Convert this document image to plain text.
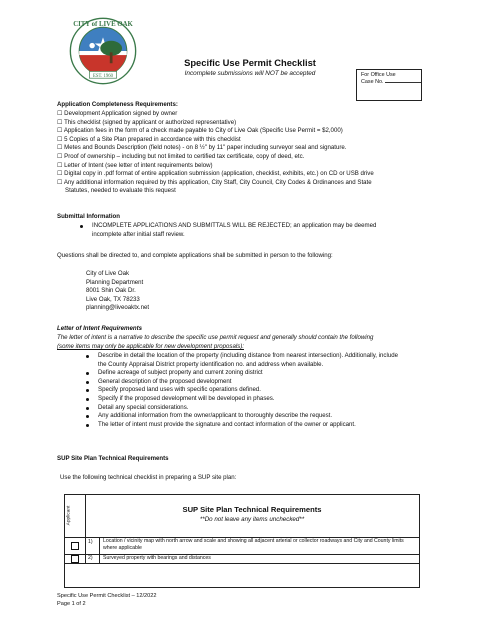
CITY of LIVE OAK
EST. 1960
Specific Use Permit Checklist
Incomplete submissions will NOT be accepted	For Office Use
Case No.
Application Completeness Requirements:
☐ Development Application signed by owner
☐ This checklist (signed by applicant or authorized representative)
☐ Application fees in the form of a check made payable to City of Live Oak (Specific Use Permit = $2,000)
☐ 5 Copies of a Site Plan prepared in accordance with this checklist
☐ Metes and Bounds Description (field notes) - on 8 ½" by 11" paper including surveyor seal and signature.
☐ Proof of ownership – including but not limited to certified tax certificate, copy of deed, etc.
☐ Letter of Intent (see letter of intent requirements below)
☐ Digital copy in .pdf format of entire application submission (application, checklist, exhibits, etc.) on CD or USB drive
☐ Any additional information required by this application, City Staff, City Council, City Codes & Ordinances and State
Statutes, needed to evaluate this request
Submittal Information
INCOMPLETE APPLICATIONS AND SUBMITTALS WILL BE REJECTED; an application may be deemed
incomplete after initial staff review.
Questions shall be directed to, and complete applications shall be submitted in person to the following:
City of Live Oak
Planning Department
8001 Shin Oak Dr.
Live Oak, TX 78233
planning@liveoaktx.net
Letter of Intent Requirements
The letter of intent is a narrative to describe the specific use permit request and generally should contain the following
(some items may only be applicable for new development proposals):
Describe in detail the location of the property (including distance from nearest intersection). Additionally, include
the County Appraisal District property identification no. and address when available.
Define acreage of subject property and current zoning district
General description of the proposed development
Specify proposed land uses with specific operations defined.
Specify if the proposed development will be developed in phases.
Detail any special considerations.
Any additional information from the owner/applicant to thoroughly describe the request.
The letter of intent must provide the signature and contact information of the owner or applicant.
SUP Site Plan Technical Requirements
Use the following technical checklist in preparing a SUP site plan:
Applicant	SUP Site Plan Technical Requirements
**Do not leave any items unchecked**
1) Location / vicinity map with north arrow and scale and showing all adjacent arterial or collector roadways and City and County limits where applicable
2) Surveyed property with bearings and distances
Specific Use Permit Checklist – 12/2022
Page 1 of 2
